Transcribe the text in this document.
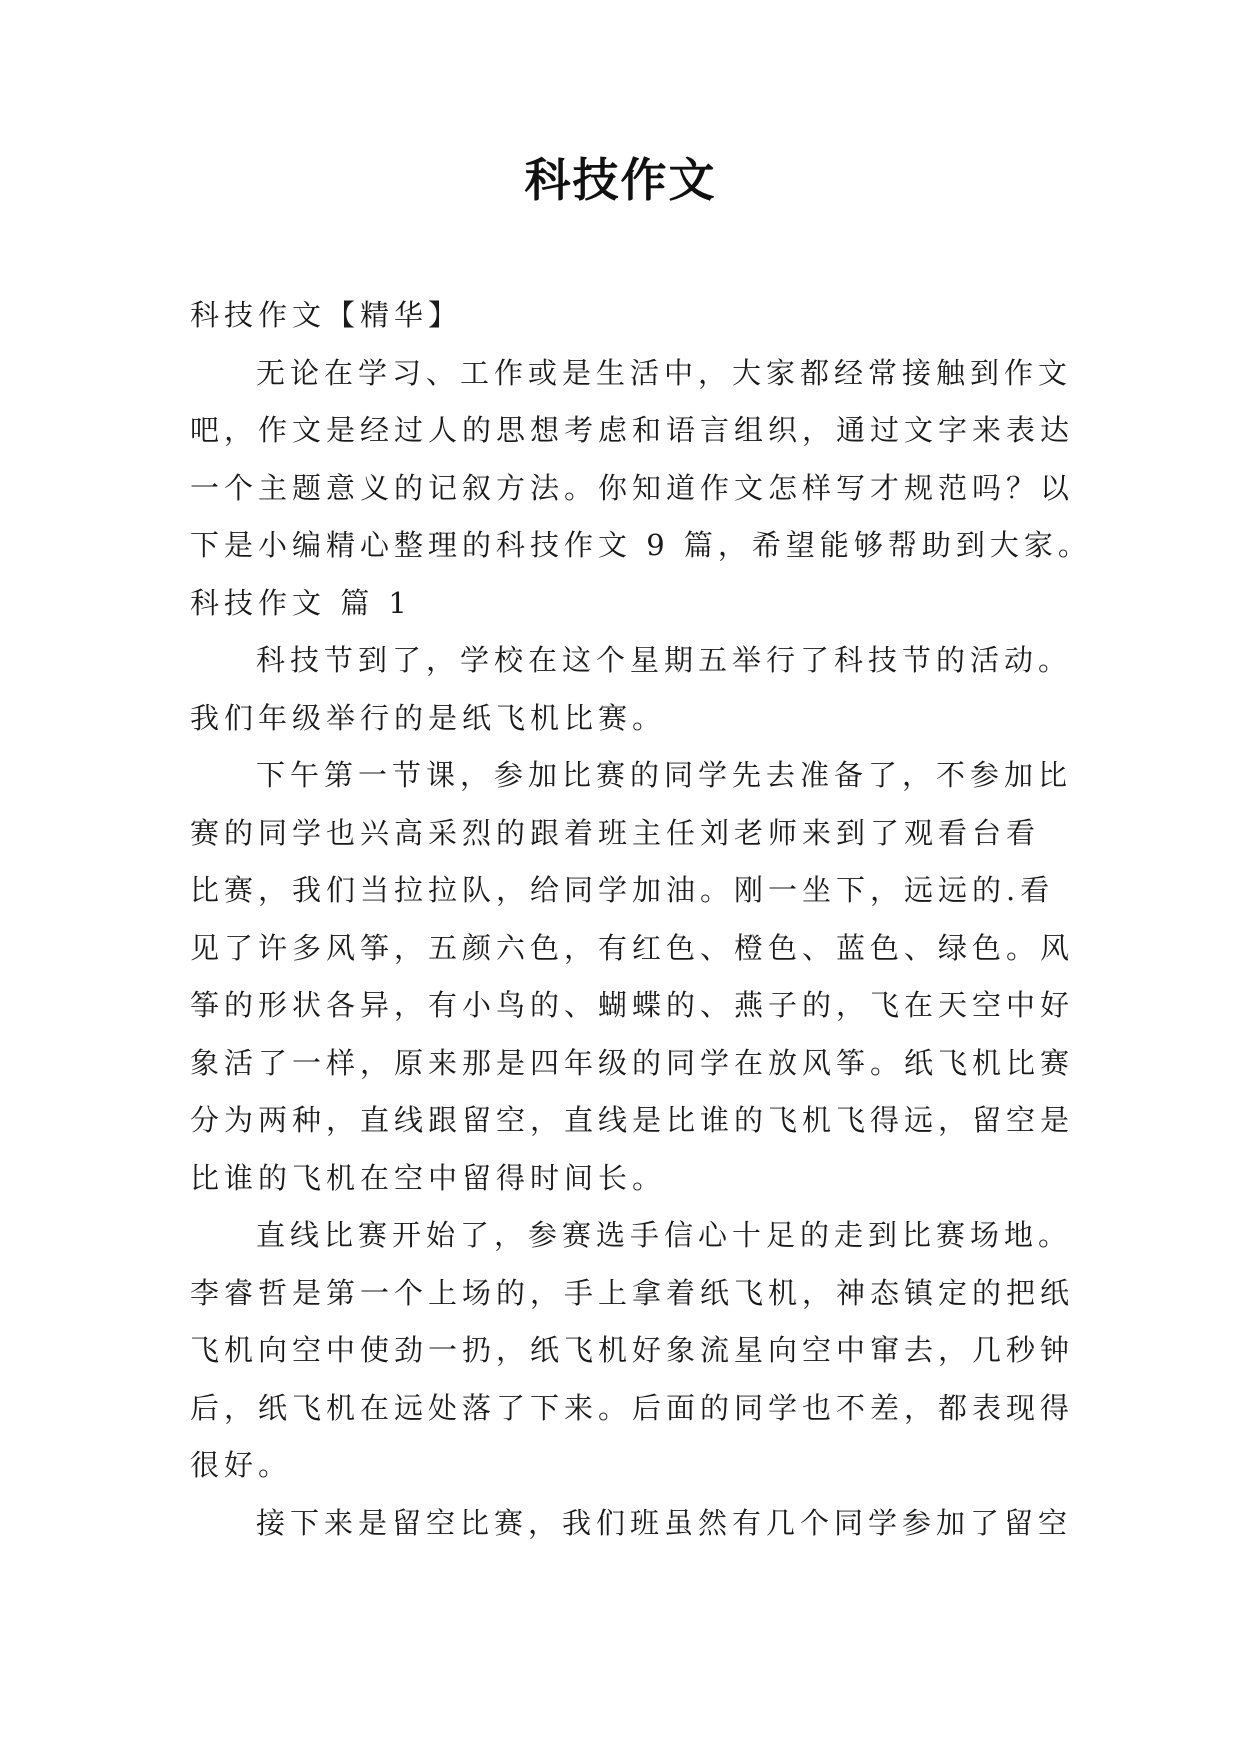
科技作文
科技作文【精华】
无论在学习、工作或是生活中，大家都经常接触到作文
吧，作文是经过人的思想考虑和语言组织，通过文字来表达
一个主题意义的记叙方法。你知道作文怎样写才规范吗？以
下是小编精心整理的科技作文 9 篇，希望能够帮助到大家。
科技作文 篇 1
科技节到了，学校在这个星期五举行了科技节的活动。
我们年级举行的是纸飞机比赛。
下午第一节课，参加比赛的同学先去准备了，不参加比
赛的同学也兴高采烈的跟着班主任刘老师来到了观看台看
比赛，我们当拉拉队，给同学加油。刚一坐下，远远的.看
见了许多风筝，五颜六色，有红色、橙色、蓝色、绿色。风
筝的形状各异，有小鸟的、蝴蝶的、燕子的，飞在天空中好
象活了一样，原来那是四年级的同学在放风筝。纸飞机比赛
分为两种，直线跟留空，直线是比谁的飞机飞得远，留空是
比谁的飞机在空中留得时间长。
直线比赛开始了，参赛选手信心十足的走到比赛场地。
李睿哲是第一个上场的，手上拿着纸飞机，神态镇定的把纸
飞机向空中使劲一扔，纸飞机好象流星向空中窜去，几秒钟
后，纸飞机在远处落了下来。后面的同学也不差，都表现得
很好。
接下来是留空比赛，我们班虽然有几个同学参加了留空
